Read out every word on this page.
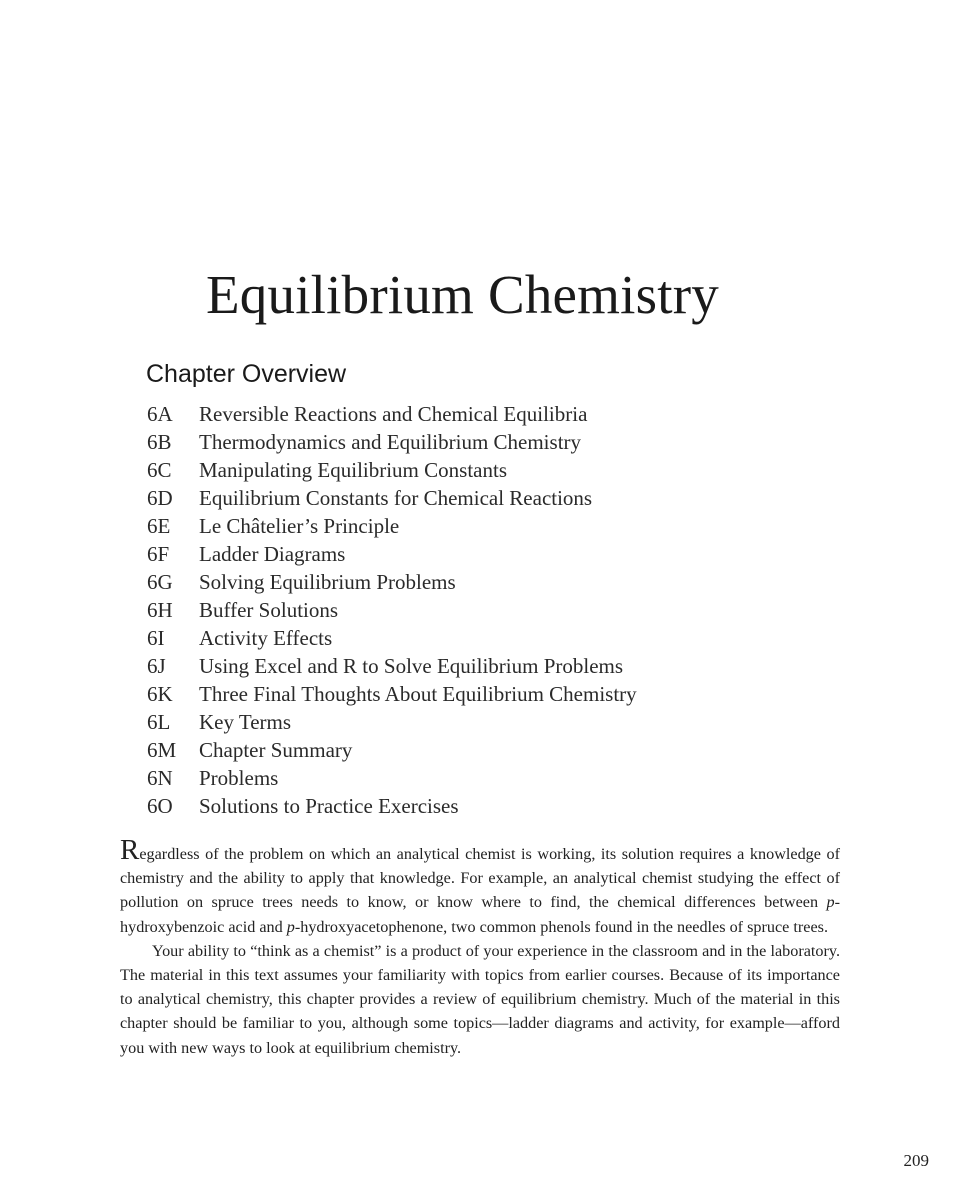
Equilibrium Chemistry
Chapter Overview
6A Reversible Reactions and Chemical Equilibria
6B Thermodynamics and Equilibrium Chemistry
6C Manipulating Equilibrium Constants
6D Equilibrium Constants for Chemical Reactions
6E Le Châtelier’s Principle
6F Ladder Diagrams
6G Solving Equilibrium Problems
6H Buffer Solutions
6I Activity Effects
6J Using Excel and R to Solve Equilibrium Problems
6K Three Final Thoughts About Equilibrium Chemistry
6L Key Terms
6M Chapter Summary
6N Problems
6O Solutions to Practice Exercises

Regardless of the problem on which an analytical chemist is working, its solution requires a knowledge of chemistry and the ability to apply that knowledge. For example, an analytical chemist studying the effect of pollution on spruce trees needs to know, or know where to find, the chemical differences between p-hydroxybenzoic acid and p-hydroxyacetophenone, two common phenols found in the needles of spruce trees.

Your ability to “think as a chemist” is a product of your experience in the classroom and in the laboratory. The material in this text assumes your familiarity with topics from earlier courses. Because of its importance to analytical chemistry, this chapter provides a review of equilibrium chemistry. Much of the material in this chapter should be familiar to you, although some topics—ladder diagrams and activity, for example—afford you with new ways to look at equilibrium chemistry.

209
